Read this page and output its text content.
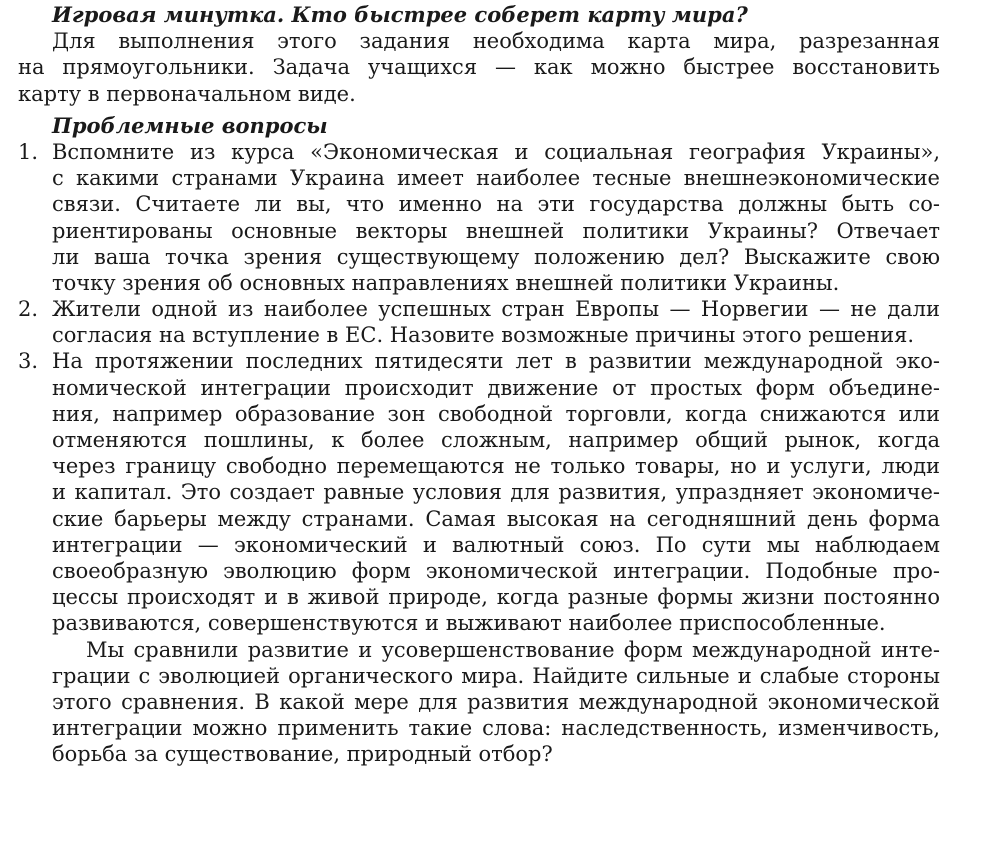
Игровая минутка. Кто быстрее соберет карту мира?
Для выполнения этого задания необходима карта мира, разрезанная
на прямоугольники. Задача учащихся — как можно быстрее восстановить
карту в первоначальном виде.
Проблемные вопросы
1. Вспомните из курса «Экономическая и социальная география Украины»,
с какими странами Украина имеет наиболее тесные внешнеэкономические
связи. Считаете ли вы, что именно на эти государства должны быть со-
риентированы основные векторы внешней политики Украины? Отвечает
ли ваша точка зрения существующему положению дел? Выскажите свою
точку зрения об основных направлениях внешней политики Украины.
2. Жители одной из наиболее успешных стран Европы — Норвегии — не дали
согласия на вступление в ЕС. Назовите возможные причины этого решения.
3. На протяжении последних пятидесяти лет в развитии международной эко-
номической интеграции происходит движение от простых форм объедине-
ния, например образование зон свободной торговли, когда снижаются или
отменяются пошлины, к более сложным, например общий рынок, когда
через границу свободно перемещаются не только товары, но и услуги, люди
и капитал. Это создает равные условия для развития, упраздняет экономиче-
ские барьеры между странами. Самая высокая на сегодняшний день форма
интеграции — экономический и валютный союз. По сути мы наблюдаем
своеобразную эволюцию форм экономической интеграции. Подобные про-
цессы происходят и в живой природе, когда разные формы жизни постоянно
развиваются, совершенствуются и выживают наиболее приспособленные.
Мы сравнили развитие и усовершенствование форм международной инте-
грации с эволюцией органического мира. Найдите сильные и слабые стороны
этого сравнения. В какой мере для развития международной экономической
интеграции можно применить такие слова: наследственность, изменчивость,
борьба за существование, природный отбор?
